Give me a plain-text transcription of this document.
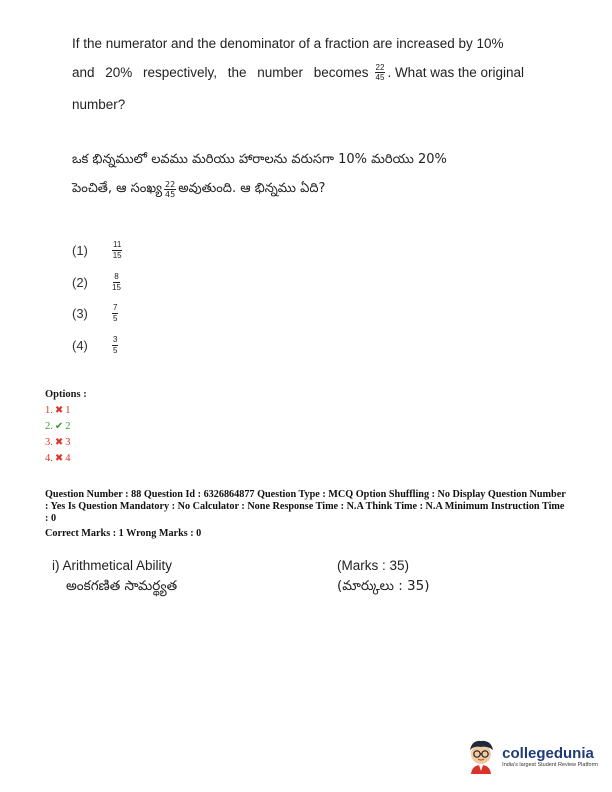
If the numerator and the denominator of a fraction are increased by 10%
and 20% respectively, the number becomes $\frac{22}{45}$ . What was the original
number?
ఒక భిన్నములో లవము మరియు హారాలను వరుసగా 10% మరియు 20%
పెంచితే, ఆ సంఖ్య $\frac{22}{45}$ అవుతుంది. ఆ భిన్నము ఏది?
(1)	$\frac{11}{15}$
(2)	$\frac{8}{15}$
(3)	$\frac{7}{5}$
(4)	$\frac{3}{5}$
Options :
1. ✖ 1
2. ✔ 2
3. ✖ 3
4. ✖ 4
Question Number : 88 Question Id : 6326864877 Question Type : MCQ Option Shuffling : No Display Question Number : Yes Is Question Mandatory : No Calculator : None Response Time : N.A Think Time : N.A Minimum Instruction Time : 0
Correct Marks : 1 Wrong Marks : 0
i) Arithmetical Ability	(Marks : 35)
అంకగణిత సామర్థ్యత	(మార్కులు : 35)
collegedunia
India's largest Student Review Platform
